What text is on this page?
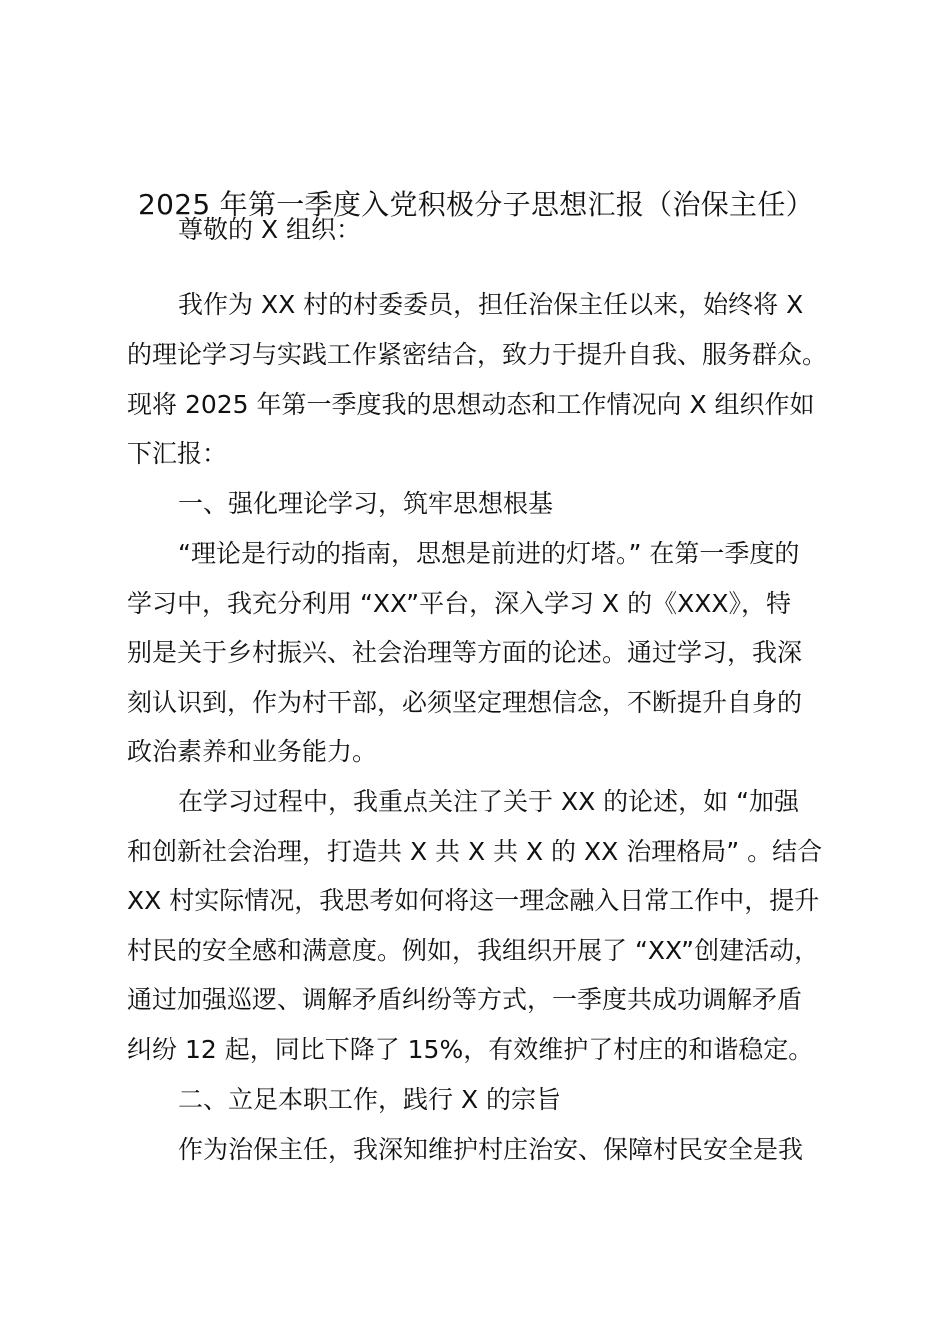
2025 年第一季度入党积极分子思想汇报（治保主任）
尊敬的 X 组织：
我作为 XX 村的村委委员，担任治保主任以来，始终将 X
的理论学习与实践工作紧密结合，致力于提升自我、服务群众。
现将 2025 年第一季度我的思想动态和工作情况向 X 组织作如
下汇报：
一、强化理论学习，筑牢思想根基
“理论是行动的指南，思想是前进的灯塔。” 在第一季度的
学习中，我充分利用 “XX”平台，深入学习 X 的《XXX》，特
别是关于乡村振兴、社会治理等方面的论述。通过学习，我深
刻认识到，作为村干部，必须坚定理想信念，不断提升自身的
政治素养和业务能力。
在学习过程中，我重点关注了关于 XX 的论述，如 “加强
和创新社会治理，打造共 X 共 X 共 X 的 XX 治理格局” 。结合
XX 村实际情况，我思考如何将这一理念融入日常工作中，提升
村民的安全感和满意度。例如，我组织开展了 “XX”创建活动，
通过加强巡逻、调解矛盾纠纷等方式，一季度共成功调解矛盾
纠纷 12 起，同比下降了 15%，有效维护了村庄的和谐稳定。
二、立足本职工作，践行 X 的宗旨
作为治保主任，我深知维护村庄治安、保障村民安全是我
